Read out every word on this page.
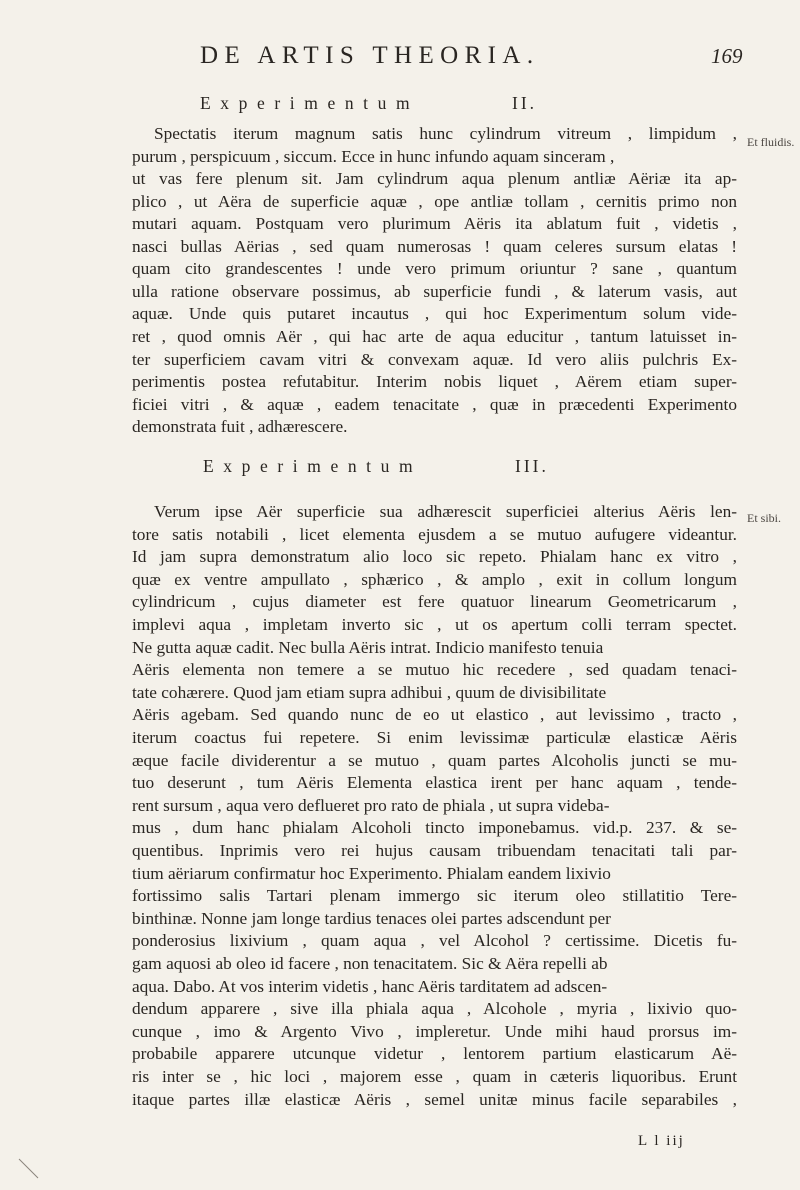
DE ARTIS THEORIA.	169
Experimentum	II.
Et fluidis.
Spectatis iterum magnum satis hunc cylindrum vitreum , limpidum ,
purum , perspicuum , siccum. Ecce in hunc infundo aquam sinceram ,
ut vas fere plenum sit. Jam cylindrum aqua plenum antliæ Aëriæ ita ap-
plico , ut Aëra de superficie aquæ , ope antliæ tollam , cernitis primo non
mutari aquam. Postquam vero plurimum Aëris ita ablatum fuit , videtis ,
nasci bullas Aërias , sed quam numerosas ! quam celeres sursum elatas !
quam cito grandescentes ! unde vero primum oriuntur ? sane , quantum
ulla ratione observare possimus, ab superficie fundi , & laterum vasis, aut
aquæ. Unde quis putaret incautus , qui hoc Experimentum solum vide-
ret , quod omnis Aër , qui hac arte de aqua educitur , tantum latuisset in-
ter superficiem cavam vitri & convexam aquæ. Id vero aliis pulchris Ex-
perimentis postea refutabitur. Interim nobis liquet , Aërem etiam super-
ficiei vitri , & aquæ , eadem tenacitate , quæ in præcedenti Experimento
demonstrata fuit , adhærescere.
Experimentum	III.
Et sibi.
Verum ipse Aër superficie sua adhærescit superficiei alterius Aëris len-
tore satis notabili , licet elementa ejusdem a se mutuo aufugere videantur.
Id jam supra demonstratum alio loco sic repeto. Phialam hanc ex vitro ,
quæ ex ventre ampullato , sphærico , & amplo , exit in collum longum
cylindricum , cujus diameter est fere quatuor linearum Geometricarum ,
implevi aqua , impletam inverto sic , ut os apertum colli terram spectet.
Ne gutta aquæ cadit. Nec bulla Aëris intrat. Indicio manifesto tenuia
Aëris elementa non temere a se mutuo hic recedere , sed quadam tenaci-
tate cohærere. Quod jam etiam supra adhibui , quum de divisibilitate
Aëris agebam. Sed quando nunc de eo ut elastico , aut levissimo , tracto ,
iterum coactus fui repetere. Si enim levissimæ particulæ elasticæ Aëris
æque facile dividerentur a se mutuo , quam partes Alcoholis juncti se mu-
tuo deserunt , tum Aëris Elementa elastica irent per hanc aquam , tende-
rent sursum , aqua vero deflueret pro rato de phiala , ut supra videba-
mus , dum hanc phialam Alcoholi tincto imponebamus. vid.p. 237. & se-
quentibus. Inprimis vero rei hujus causam tribuendam tenacitati tali par-
tium aëriarum confirmatur hoc Experimento. Phialam eandem lixivio
fortissimo salis Tartari plenam immergo sic iterum oleo stillatitio Tere-
binthinæ. Nonne jam longe tardius tenaces olei partes adscendunt per
ponderosius lixivium , quam aqua , vel Alcohol ? certissime. Dicetis fu-
gam aquosi ab oleo id facere , non tenacitatem. Sic & Aëra repelli ab
aqua. Dabo. At vos interim videtis , hanc Aëris tarditatem ad adscen-
dendum apparere , sive illa phiala aqua , Alcohole , myria , lixivio quo-
cunque , imo & Argento Vivo , impleretur. Unde mihi haud prorsus im-
probabile apparere utcunque videtur , lentorem partium elasticarum Aë-
ris inter se , hic loci , majorem esse , quam in cæteris liquoribus. Erunt
itaque partes illæ elasticæ Aëris , semel unitæ minus facile separabiles ,
L l iij
